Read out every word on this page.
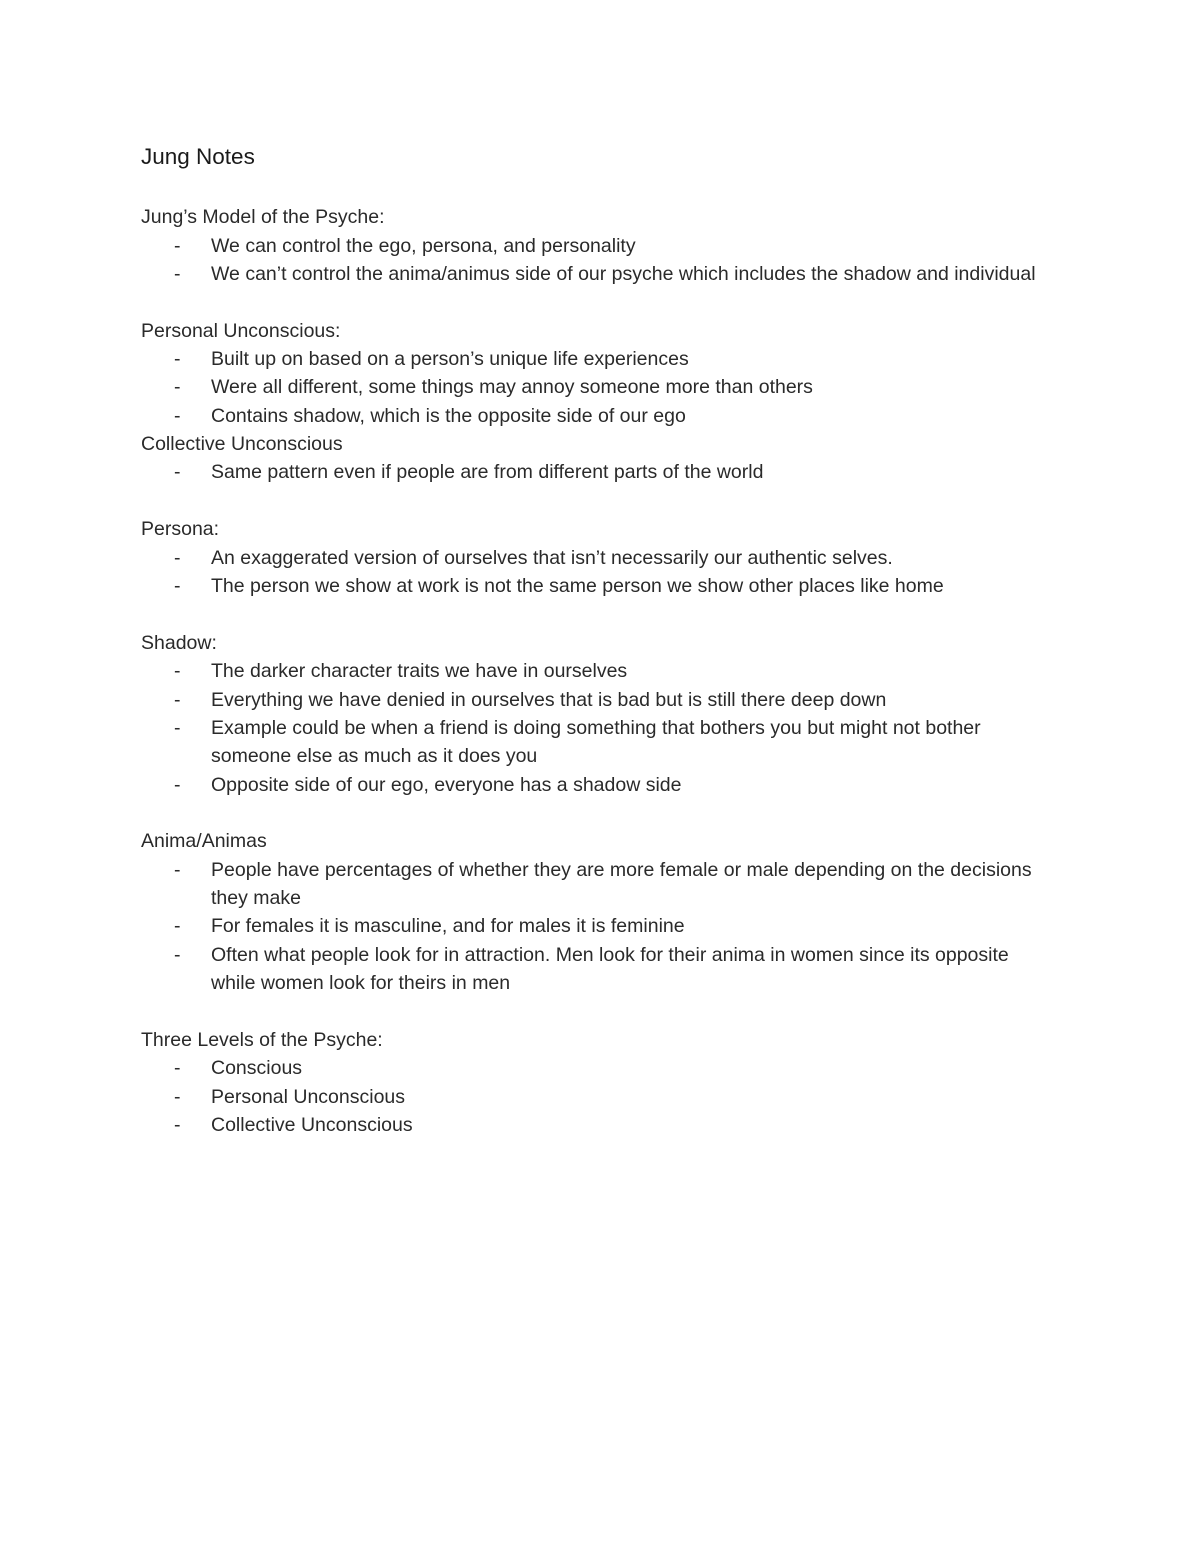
Jung Notes

Jung’s Model of the Psyche:

- We can control the ego, persona, and personality
- We can’t control the anima/animus side of our psyche which includes the shadow and individual

Personal Unconscious:

- Built up on based on a person’s unique life experiences
- Were all different, some things may annoy someone more than others
- Contains shadow, which is the opposite side of our ego

Collective Unconscious

- Same pattern even if people are from different parts of the world

Persona:

- An exaggerated version of ourselves that isn’t necessarily our authentic selves.
- The person we show at work is not the same person we show other places like home

Shadow:

- The darker character traits we have in ourselves
- Everything we have denied in ourselves that is bad but is still there deep down
- Example could be when a friend is doing something that bothers you but might not bother someone else as much as it does you
- Opposite side of our ego, everyone has a shadow side

Anima/Animas

- People have percentages of whether they are more female or male depending on the decisions they make
- For females it is masculine, and for males it is feminine
- Often what people look for in attraction. Men look for their anima in women since its opposite while women look for theirs in men

Three Levels of the Psyche:

- Conscious
- Personal Unconscious
- Collective Unconscious
